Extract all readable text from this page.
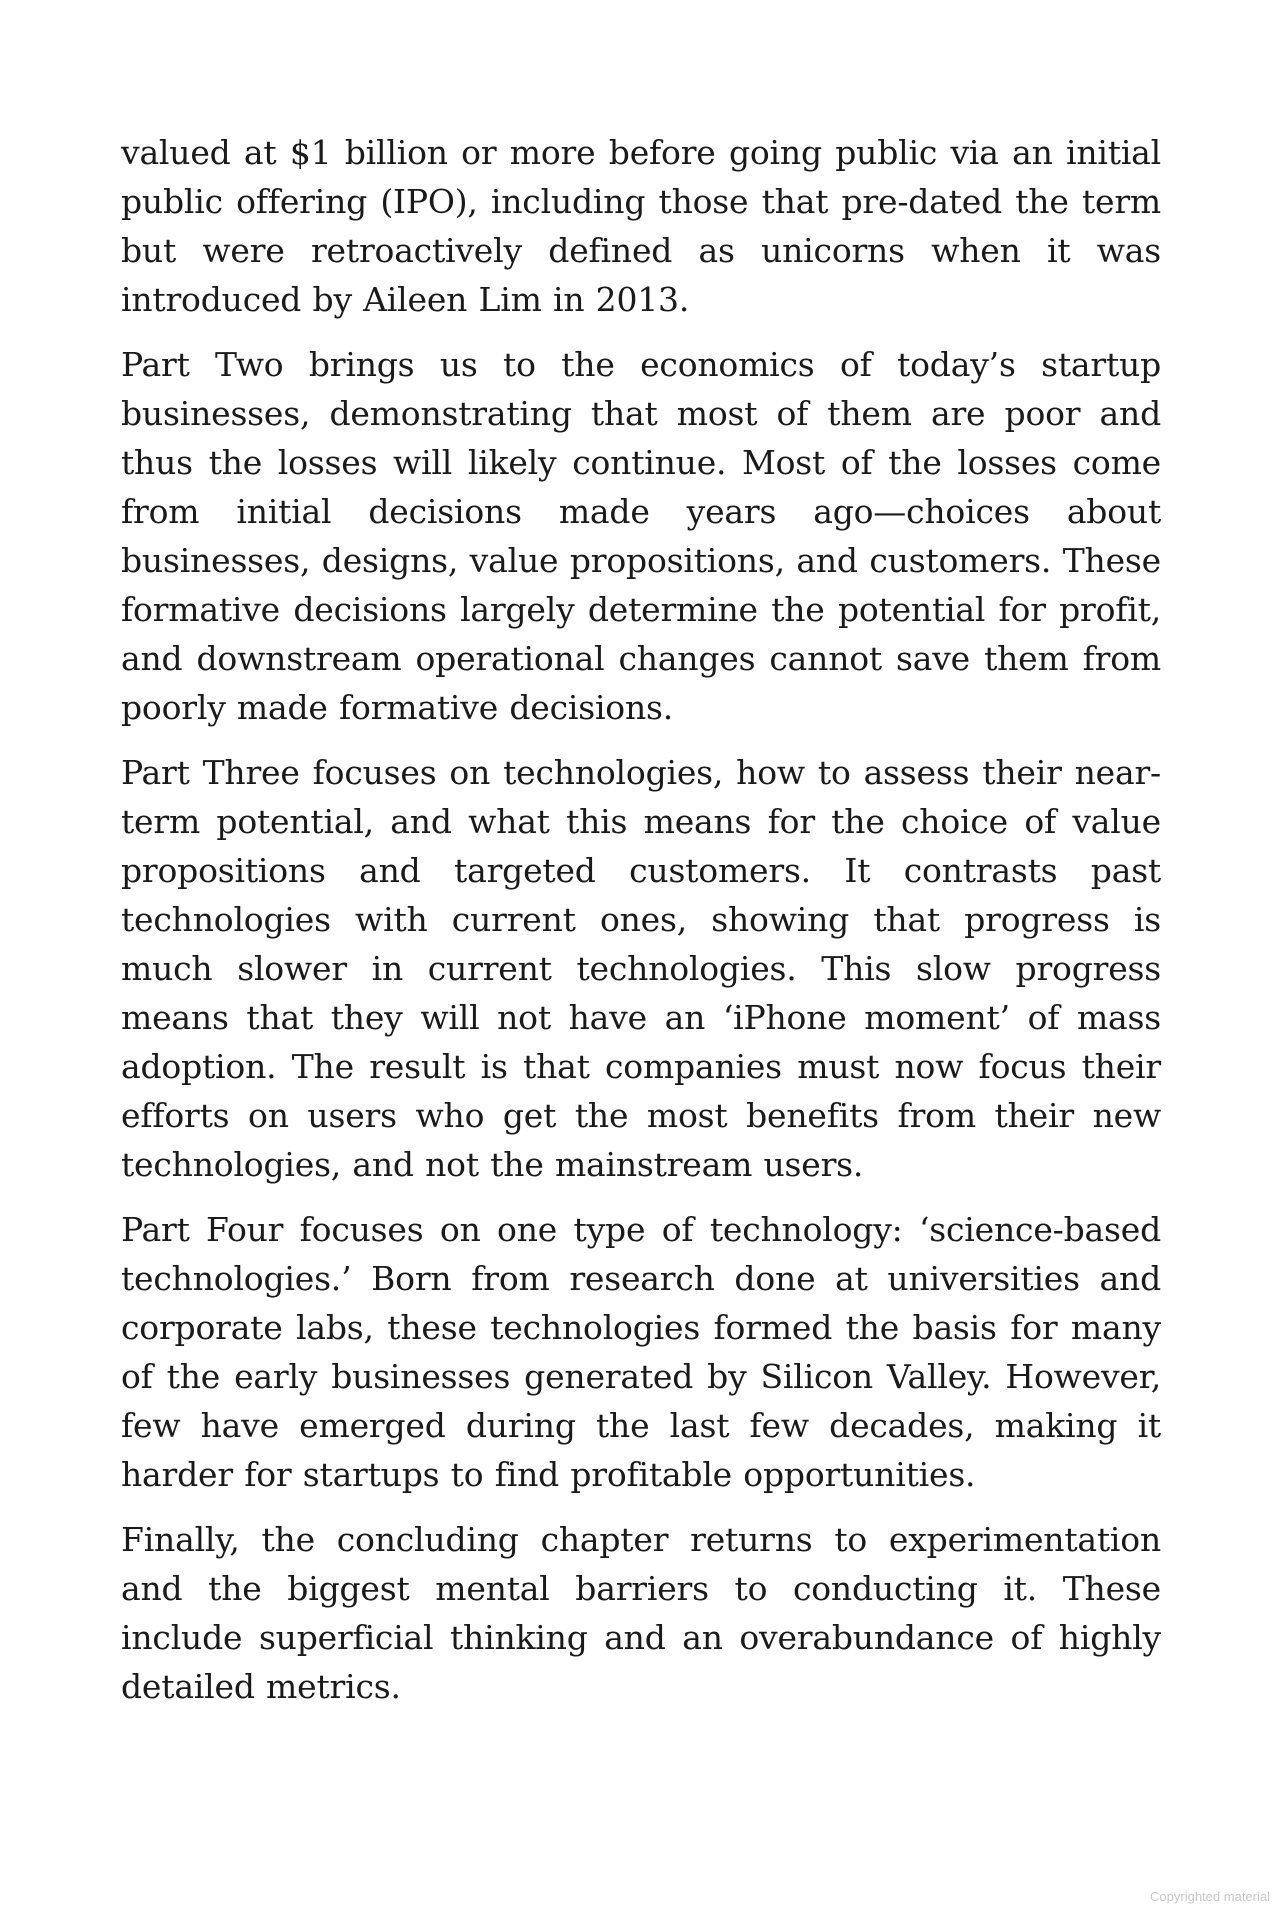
valued at $1 billion or more before going public via an initial public offering (IPO), including those that pre-dated the term but were retroactively defined as unicorns when it was introduced by Aileen Lim in 2013.

Part Two brings us to the economics of today’s startup businesses, demonstrating that most of them are poor and thus the losses will likely continue. Most of the losses come from initial decisions made years ago—choices about businesses, designs, value propositions, and customers. These formative decisions largely determine the potential for profit, and downstream operational changes cannot save them from poorly made formative decisions.

Part Three focuses on technologies, how to assess their near-term potential, and what this means for the choice of value propositions and targeted customers. It contrasts past technologies with current ones, showing that progress is much slower in current technologies. This slow progress means that they will not have an ‘iPhone moment’ of mass adoption. The result is that companies must now focus their efforts on users who get the most benefits from their new technologies, and not the mainstream users.

Part Four focuses on one type of technology: ‘science-based technologies.’ Born from research done at universities and corporate labs, these technologies formed the basis for many of the early businesses generated by Silicon Valley. However, few have emerged during the last few decades, making it harder for startups to find profitable opportunities.

Finally, the concluding chapter returns to experimentation and the biggest mental barriers to conducting it. These include superficial thinking and an overabundance of highly detailed metrics.

Copyrighted material
